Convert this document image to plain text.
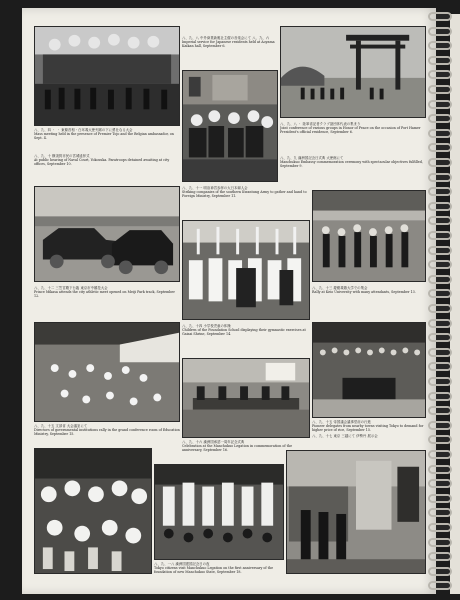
八、九、四 ・ ・ 東條首相・白耳義大使列席の下に勇壮なる大会
Mass meeting held in the presence of Premier Tojo and the Belgian ambassador, on Sept. 4.
八、九、八 中外商業新報社主催の音楽会にて 八、九、六
Imperial service for Japanese residents held at Aoyama Kaikan hall, September 6.
八、九、八 ・ 陸軍省記者クラブ諸団体代表の集まり
Joint conference of various groups in Honor of Peace on the occasion of Port Hamer President's official residence, September 6.
八、九、十 横須賀市民の宮城遥拝式
At public hearing of Naval Court, Yokosuka. Paratroops detained awaiting at city offices, September 10.
八、九、九 満洲国記念日式典 大使館にて
Manchukuo Embassy commemoration ceremony with spectacular objectives fulfilled, September 9.
八、九、十一 明治神宮参拝の大日本婦人会
Striking companies of the southern Kwantung Army to gather and hand to Foreign Ministry, September 11.
八、九、十二 三笠宮殿下台臨 東京市中競技大会
Prince Mikasa attends the city athletic meet opened on Meiji Park track, September 12.
八、九、十三 慶應義塾大学での集会
Rally at Keio University with many attendants, September 13.
八、九、十四 小学校児童の体操
Children of the Foundation School displaying their gymnastic exercises at Gaisai Shrine, September 14.
八、九、十五 文部省 大会議室にて
Directors of governmental institutions rally in the grand conference room of Education Ministry, September 15.
八、九、十五 帝国議会議事堂前の行進
Pioneer delegates from nearby towns visiting Tokyo to demand for higher price of rice, September 15.
八、九、十六 満洲国承認一周年記念式典
Celebration at the Manchukuo Legation in commemoration of the anniversary, September 16.
八、九、十七 東京 三越にて 伊勢丹 展示会
八、九、一八 満洲国建国記念日の夜
Tokyo citizens visit Manchukuo Legation on the first anniversary of the foundation of new Manchukuo State, September 18.
